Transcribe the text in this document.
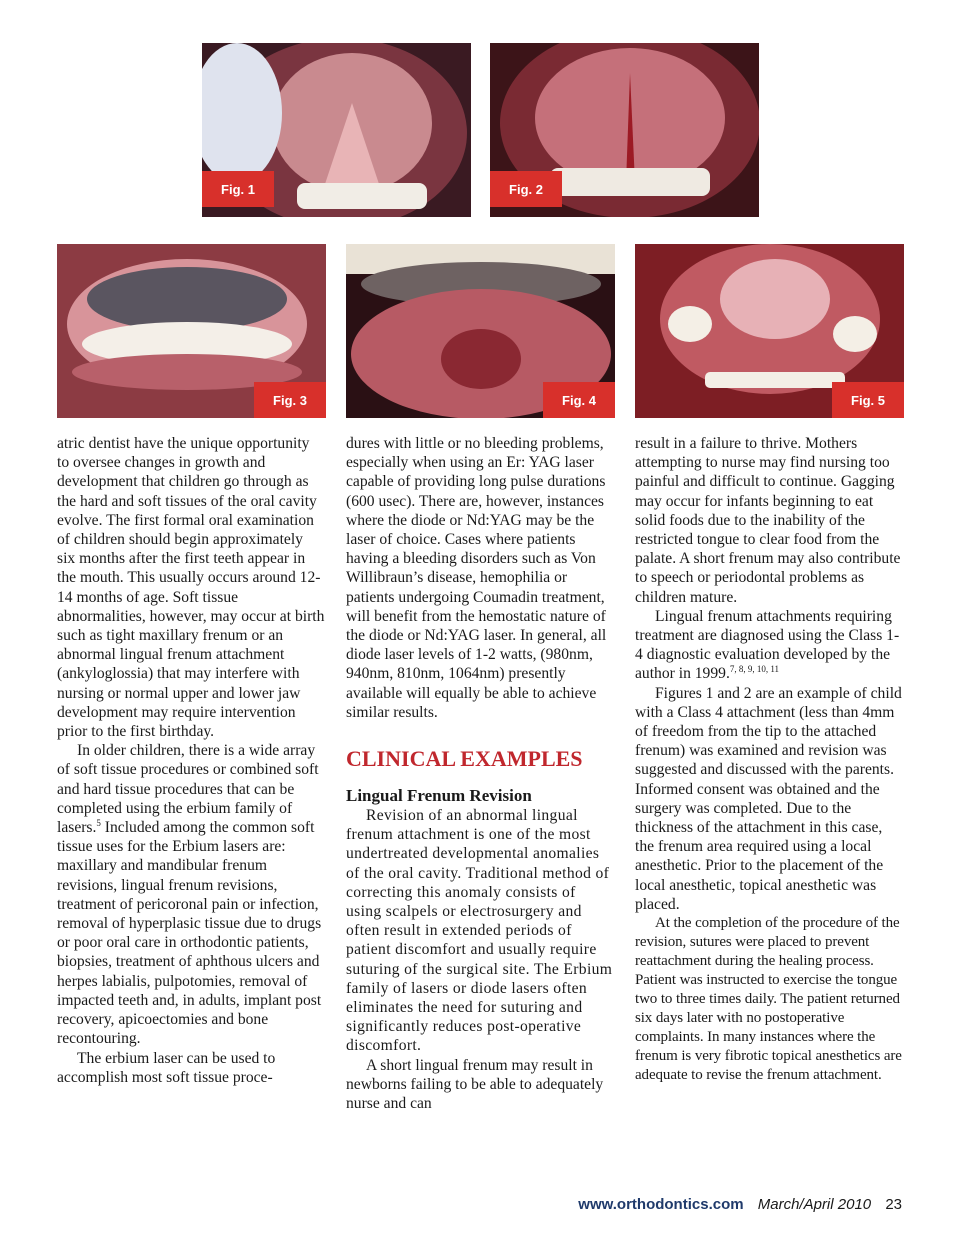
Fig. 1	Fig. 2
Fig. 3	Fig. 4	Fig. 5

atric dentist have the unique opportunity to oversee changes in growth and development that children go through as the hard and soft tissues of the oral cavity evolve. The first formal oral examination of children should begin approximately six months after the first teeth appear in the mouth. This usually occurs around 12-14 months of age. Soft tissue abnormalities, however, may occur at birth such as tight maxillary frenum or an abnormal lingual frenum attachment (ankyloglossia) that may interfere with nursing or normal upper and lower jaw development may require intervention prior to the first birthday.

In older children, there is a wide array of soft tissue procedures or combined soft and hard tissue procedures that can be completed using the erbium family of lasers.$^5$ Included among the common soft tissue uses for the Erbium lasers are: maxillary and mandibular frenum revisions, lingual frenum revisions, treatment of pericoronal pain or infection, removal of hyperplasic tissue due to drugs or poor oral care in orthodontic patients, biopsies, treatment of aphthous ulcers and herpes labialis, pulpotomies, removal of impacted teeth and, in adults, implant post recovery, apicoectomies and bone recontouring.

The erbium laser can be used to accomplish most soft tissue proce-

dures with little or no bleeding problems, especially when using an Er: YAG laser capable of providing long pulse durations (600 usec). There are, however, instances where the diode or Nd:YAG may be the laser of choice. Cases where patients having a bleeding disorders such as Von Willibraun’s disease, hemophilia or patients undergoing Coumadin treatment, will benefit from the hemostatic nature of the diode or Nd:YAG laser. In general, all diode laser levels of 1-2 watts, (980nm, 940nm, 810nm, 1064nm) presently available will equally be able to achieve similar results.

CLINICAL EXAMPLES
Lingual Frenum Revision

Revision of an abnormal lingual frenum attachment is one of the most undertreated developmental anomalies of the oral cavity. Traditional method of correcting this anomaly consists of using scalpels or electrosurgery and often result in extended periods of patient discomfort and usually require suturing of the surgical site. The Erbium family of lasers or diode lasers often eliminates the need for suturing and significantly reduces post-operative discomfort.

A short lingual frenum may result in newborns failing to be able to adequately nurse and can

result in a failure to thrive. Mothers attempting to nurse may find nursing too painful and difficult to continue. Gagging may occur for infants beginning to eat solid foods due to the inability of the restricted tongue to clear food from the palate. A short frenum may also contribute to speech or periodontal problems as children mature.

Lingual frenum attachments requiring treatment are diagnosed using the Class 1-4 diagnostic evaluation developed by the author in 1999.$^{7, 8, 9, 10, 11}$

Figures 1 and 2 are an example of child with a Class 4 attachment (less than 4mm of freedom from the tip to the attached frenum) was examined and revision was suggested and discussed with the parents. Informed consent was obtained and the surgery was completed. Due to the thickness of the attachment in this case, the frenum area required using a local anesthetic. Prior to the placement of the local anesthetic, topical anesthetic was placed.

At the completion of the procedure of the revision, sutures were placed to prevent reattachment during the healing process. Patient was instructed to exercise the tongue two to three times daily. The patient returned six days later with no postoperative complaints. In many instances where the frenum is very fibrotic topical anesthetics are adequate to revise the frenum attachment.

www.orthodontics.com March/April 2010 23
